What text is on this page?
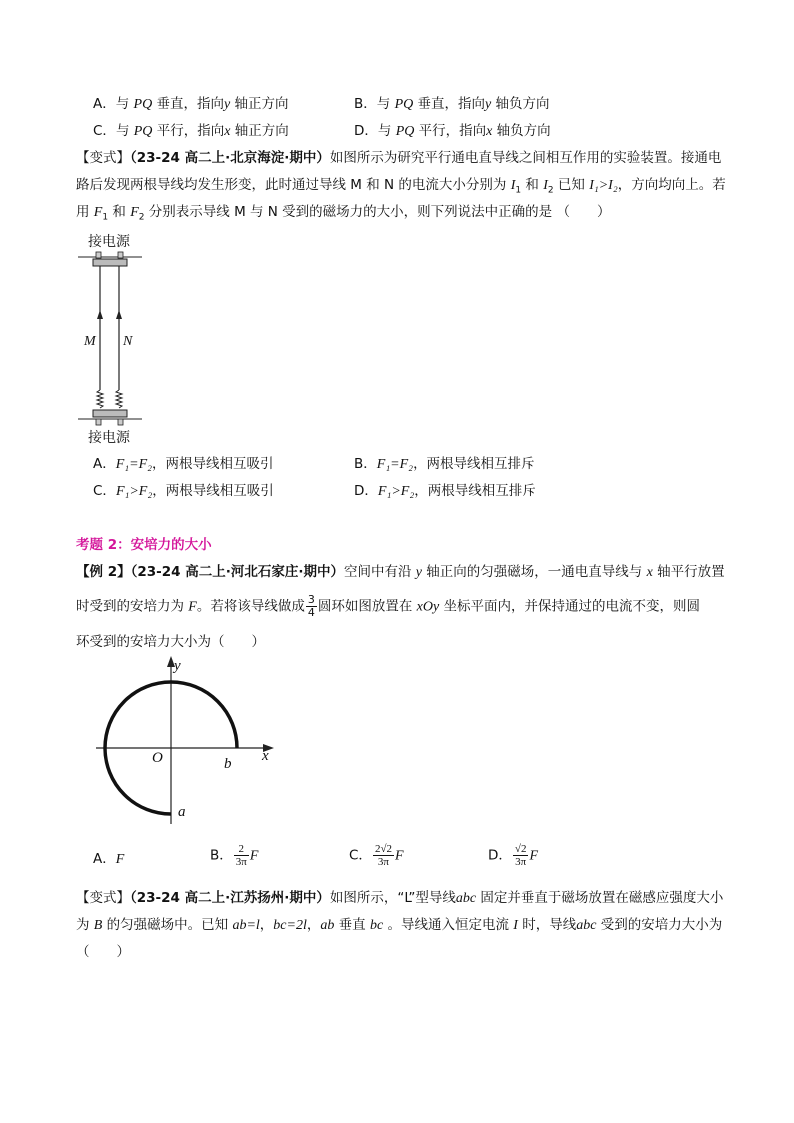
A．与 PQ 垂直，指向y 轴正方向	B．与 PQ 垂直，指向y 轴负方向
C．与 PQ 平行，指向x 轴正方向	D．与 PQ 平行，指向x 轴负方向
【变式】（23-24 高二上·北京海淀·期中）如图所示为研究平行通电直导线之间相互作用的实验装置。接通电
路后发现两根导线均发生形变，此时通过导线 M 和 N 的电流大小分别为 $I_1$ 和 $I_2$ 已知 I₁>I₂，方向均向上。若
用 $F_1$ 和 $F_2$ 分别表示导线 M 与 N 受到的磁场力的大小，则下列说法中正确的是 （　　）
接电源
M N
接电源
A．F₁=F₂，两根导线相互吸引	B．F₁=F₂，两根导线相互排斥
C．F₁>F₂，两根导线相互吸引	D．F₁>F₂，两根导线相互排斥
考题 2：安培力的大小
【例 2】（23-24 高二上·河北石家庄·期中）空间中有沿 y 轴正向的匀强磁场，一通电直导线与 x 轴平行放置
时受到的安培力为 F。若将该导线做成 $\frac{3}{4}$ 圆环如图放置在 xOy 坐标平面内，并保持通过的电流不变，则圆
环受到的安培力大小为（　　）
y
x
O	b
a
A．F	B． $\frac{2}{3\pi}$ F	C． $\frac{2√2}{3\pi}$ F	D． $\frac{√2}{3\pi}$ F
【变式】（23-24 高二上·江苏扬州·期中）如图所示，“L”型导线abc 固定并垂直于磁场放置在磁感应强度大小
为 B 的匀强磁场中。已知 ab=l，bc=2l，ab 垂直 bc 。导线通入恒定电流 I 时，导线abc 受到的安培力大小为
（　　）
